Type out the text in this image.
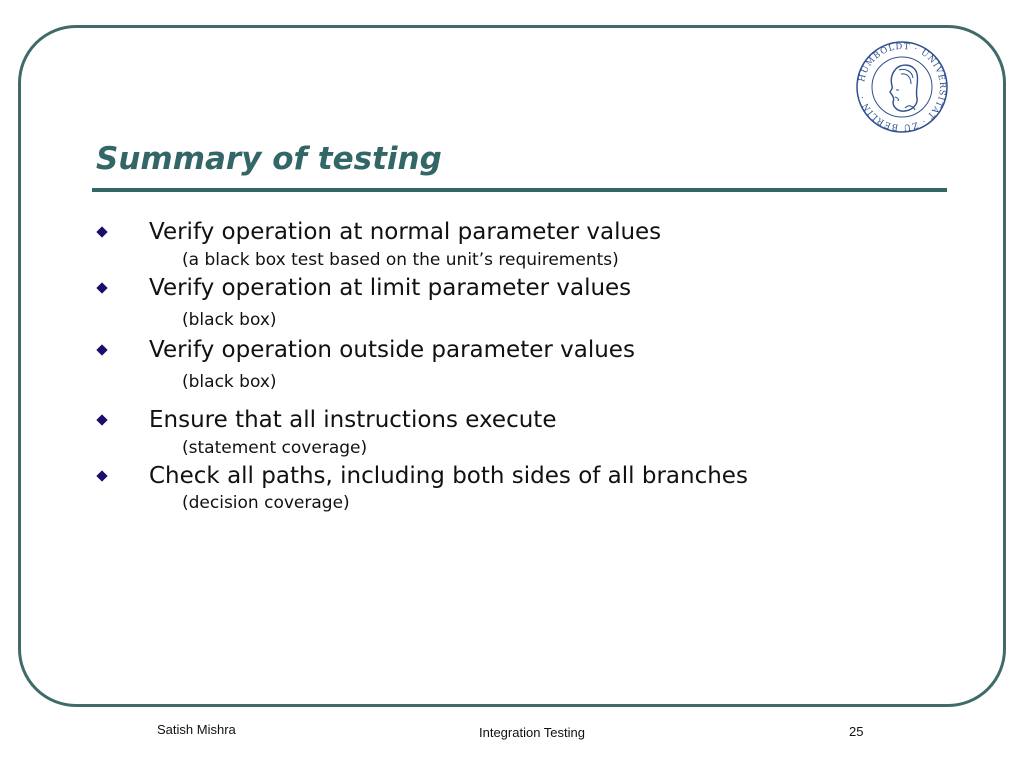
HUMBOLDT · UNIVERSITÄT · ZU BERLIN ·
Summary of testing

Verify operation at normal parameter values

(a black box test based on the unit’s requirements)

Verify operation at limit parameter values

(black box)

Verify operation outside parameter values

(black box)

Ensure that all instructions execute

(statement coverage)

Check all paths, including both sides of all branches

(decision coverage)

Satish Mishra	Integration Testing	25
